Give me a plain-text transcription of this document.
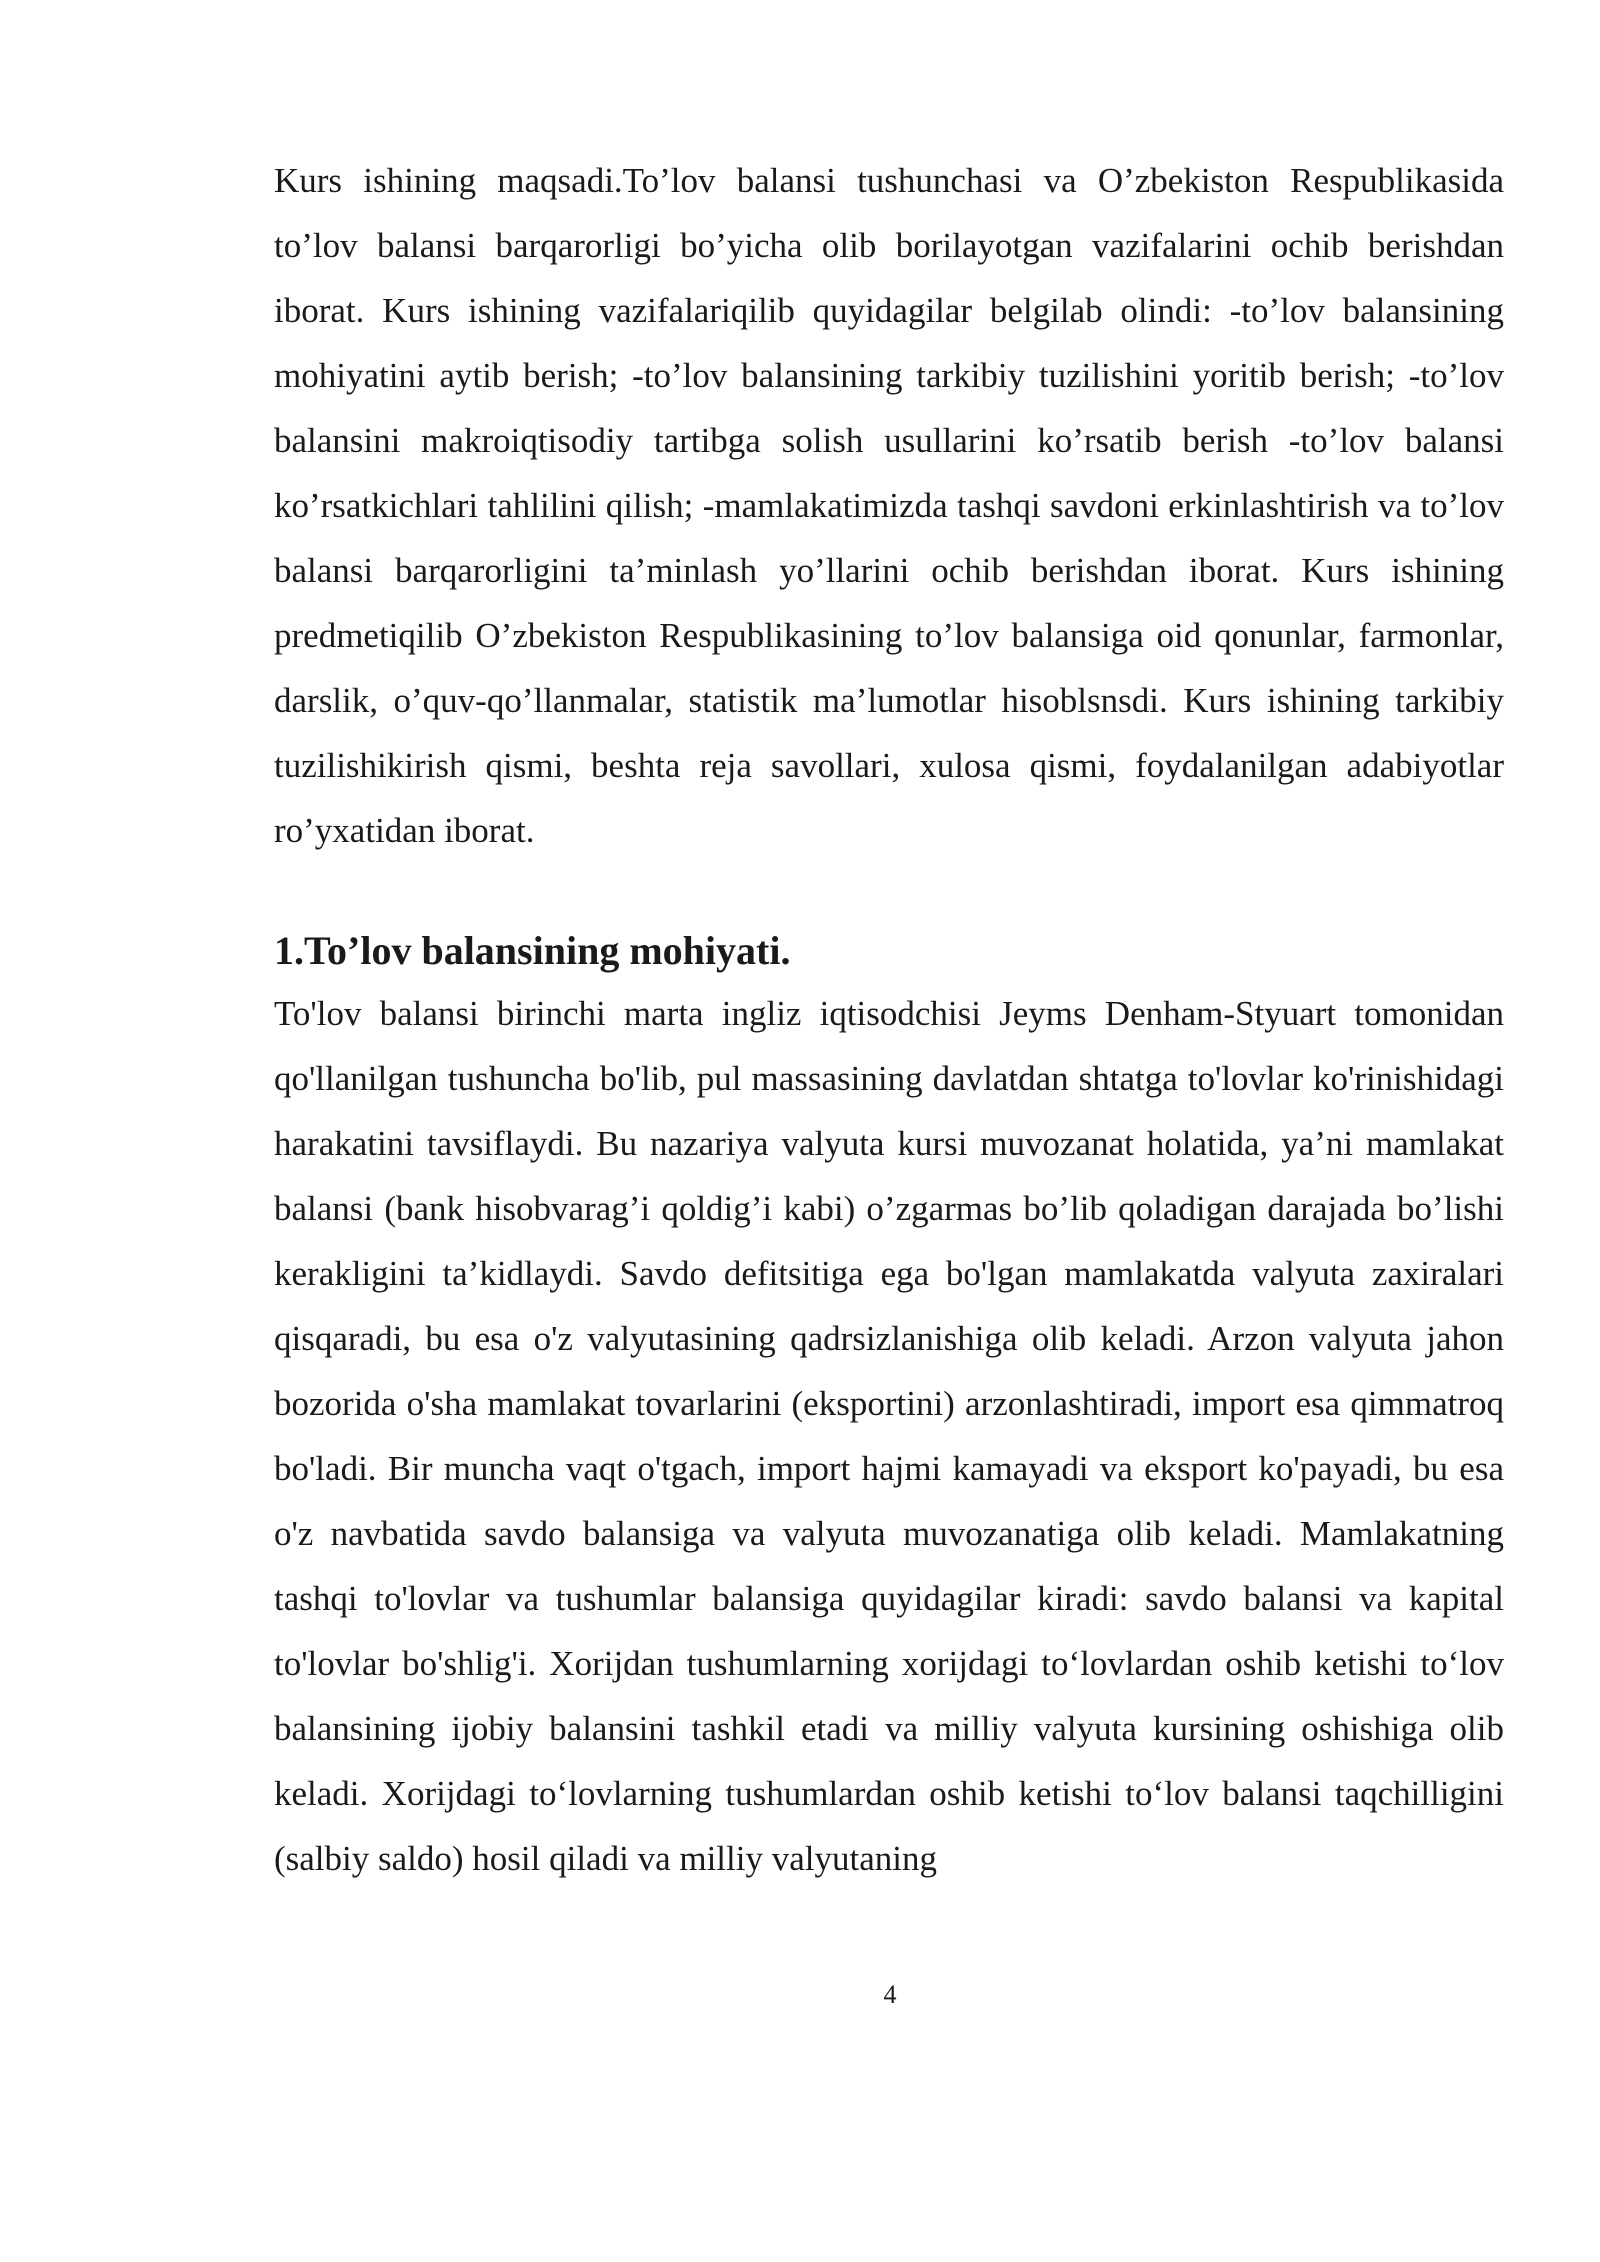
Kurs ishining maqsadi.To’lov balansi tushunchasi va O’zbekiston Respublikasida to’lov balansi barqarorligi bo’yicha olib borilayotgan vazifalarini ochib berishdan iborat. Kurs ishining vazifalariqilib quyidagilar belgilab olindi: -to’lov balansining mohiyatini aytib berish; -to’lov balansining tarkibiy tuzilishini yoritib berish; -to’lov balansini makroiqtisodiy tartibga solish usullarini ko’rsatib berish -to’lov balansi ko’rsatkichlari tahlilini qilish; -mamlakatimizda tashqi savdoni erkinlashtirish va to’lov balansi barqarorligini ta’minlash yo’llarini ochib berishdan iborat. Kurs ishining predmetiqilib O’zbekiston Respublikasining to’lov balansiga oid qonunlar, farmonlar, darslik, o’quv-qo’llanmalar, statistik ma’lumotlar hisoblsnsdi. Kurs ishining tarkibiy tuzilishikirish qismi, beshta reja savollari, xulosa qismi, foydalanilgan adabiyotlar ro’yxatidan iborat.

1.To’lov balansining mohiyati.

To'lov balansi birinchi marta ingliz iqtisodchisi Jeyms Denham-Styuart tomonidan qo'llanilgan tushuncha bo'lib, pul massasining davlatdan shtatga to'lovlar ko'rinishidagi harakatini tavsiflaydi. Bu nazariya valyuta kursi muvozanat holatida, ya’ni mamlakat balansi (bank hisobvarag’i qoldig’i kabi) o’zgarmas bo’lib qoladigan darajada bo’lishi kerakligini ta’kidlaydi. Savdo defitsitiga ega bo'lgan mamlakatda valyuta zaxiralari qisqaradi, bu esa o'z valyutasining qadrsizlanishiga olib keladi. Arzon valyuta jahon bozorida o'sha mamlakat tovarlarini (eksportini) arzonlashtiradi, import esa qimmatroq bo'ladi. Bir muncha vaqt o'tgach, import hajmi kamayadi va eksport ko'payadi, bu esa o'z navbatida savdo balansiga va valyuta muvozanatiga olib keladi. Mamlakatning tashqi to'lovlar va tushumlar balansiga quyidagilar kiradi: savdo balansi va kapital to'lovlar bo'shlig'i. Xorijdan tushumlarning xorijdagi to‘lovlardan oshib ketishi to‘lov balansining ijobiy balansini tashkil etadi va milliy valyuta kursining oshishiga olib keladi. Xorijdagi to‘lovlarning tushumlardan oshib ketishi to‘lov balansi taqchilligini (salbiy saldo) hosil qiladi va milliy valyutaning

4
